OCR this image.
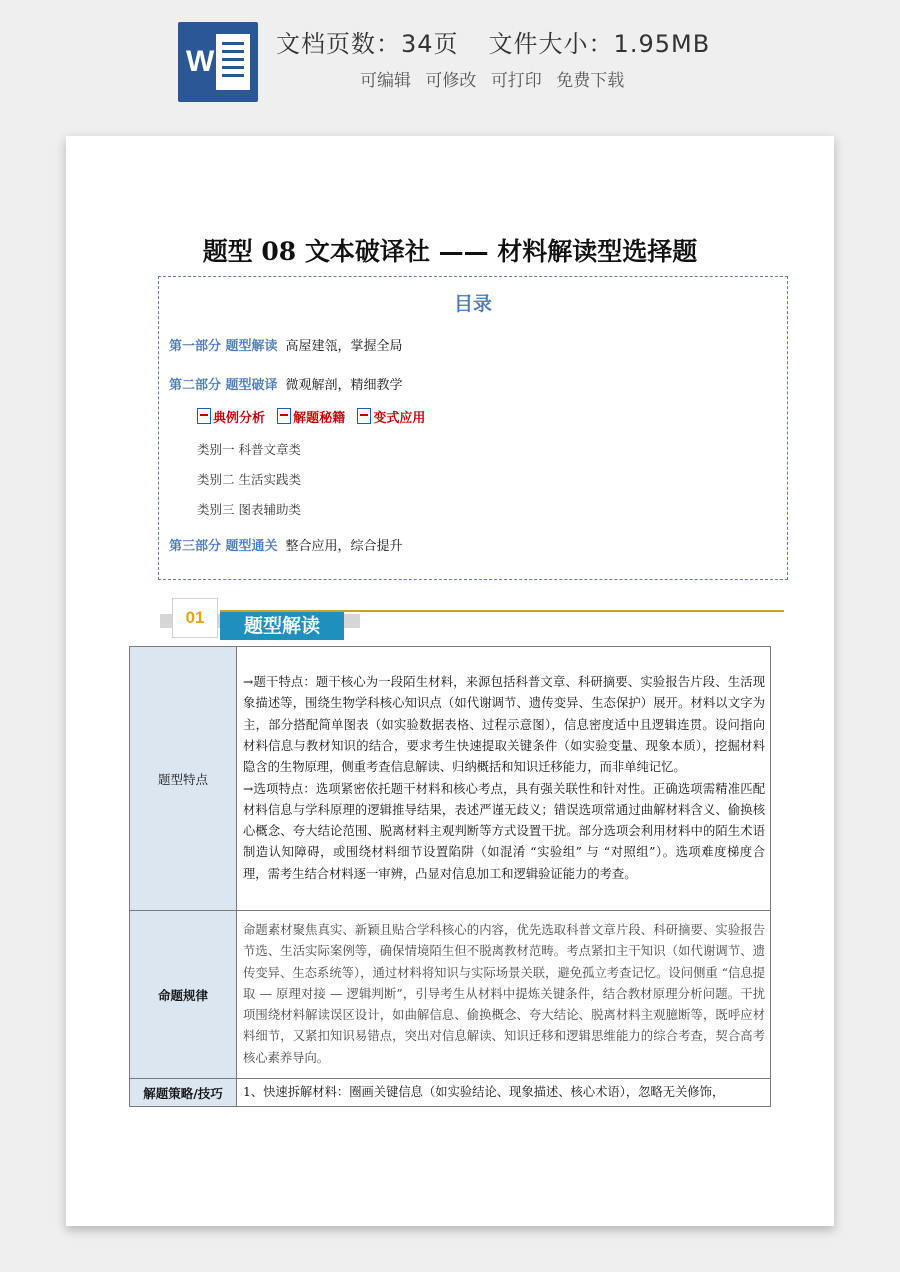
W
文档页数：34页 文件大小：1.95MB
可编辑 可修改 可打印 免费下载
题型 08 文本破译社 —— 材料解读型选择题
目录
第一部分 题型解读 高屋建瓴，掌握全局
第二部分 题型破译 微观解剖，精细教学
典例分析 解题秘籍 变式应用
类别一 科普文章类
类别二 生活实践类
类别三 图表辅助类
第三部分 题型通关 整合应用，综合提升
01	题型解读
题型特点	→题干特点：题干核心为一段陌生材料，来源包括科普文章、科研摘要、实验报告片段、生活现象描述等，围绕生物学科核心知识点（如代谢调节、遗传变异、生态保护）展开。材料以文字为主，部分搭配简单图表（如实验数据表格、过程示意图），信息密度适中且逻辑连贯。设问指向材料信息与教材知识的结合，要求考生快速提取关键条件（如实验变量、现象本质），挖掘材料隐含的生物原理，侧重考查信息解读、归纳概括和知识迁移能力，而非单纯记忆。

→选项特点：选项紧密依托题干材料和核心考点，具有强关联性和针对性。正确选项需精准匹配材料信息与学科原理的逻辑推导结果，表述严谨无歧义；错误选项常通过曲解材料含义、偷换核心概念、夸大结论范围、脱离材料主观判断等方式设置干扰。部分选项会利用材料中的陌生术语制造认知障碍，或围绕材料细节设置陷阱（如混淆 “实验组” 与 “对照组”）。选项难度梯度合理，需考生结合材料逐一审辨，凸显对信息加工和逻辑验证能力的考查。

命题规律	命题素材聚焦真实、新颖且贴合学科核心的内容，优先选取科普文章片段、科研摘要、实验报告节选、生活实际案例等，确保情境陌生但不脱离教材范畴。考点紧扣主干知识（如代谢调节、遗传变异、生态系统等），通过材料将知识与实际场景关联，避免孤立考查记忆。设问侧重 “信息提取 — 原理对接 — 逻辑判断”，引导考生从材料中提炼关键条件，结合教材原理分析问题。干扰项围绕材料解读误区设计，如曲解信息、偷换概念、夸大结论、脱离材料主观臆断等，既呼应材料细节，又紧扣知识易错点，突出对信息解读、知识迁移和逻辑思维能力的综合考查，契合高考核心素养导向。

解题策略/技巧	1、快速拆解材料：圈画关键信息（如实验结论、现象描述、核心术语），忽略无关修饰，
